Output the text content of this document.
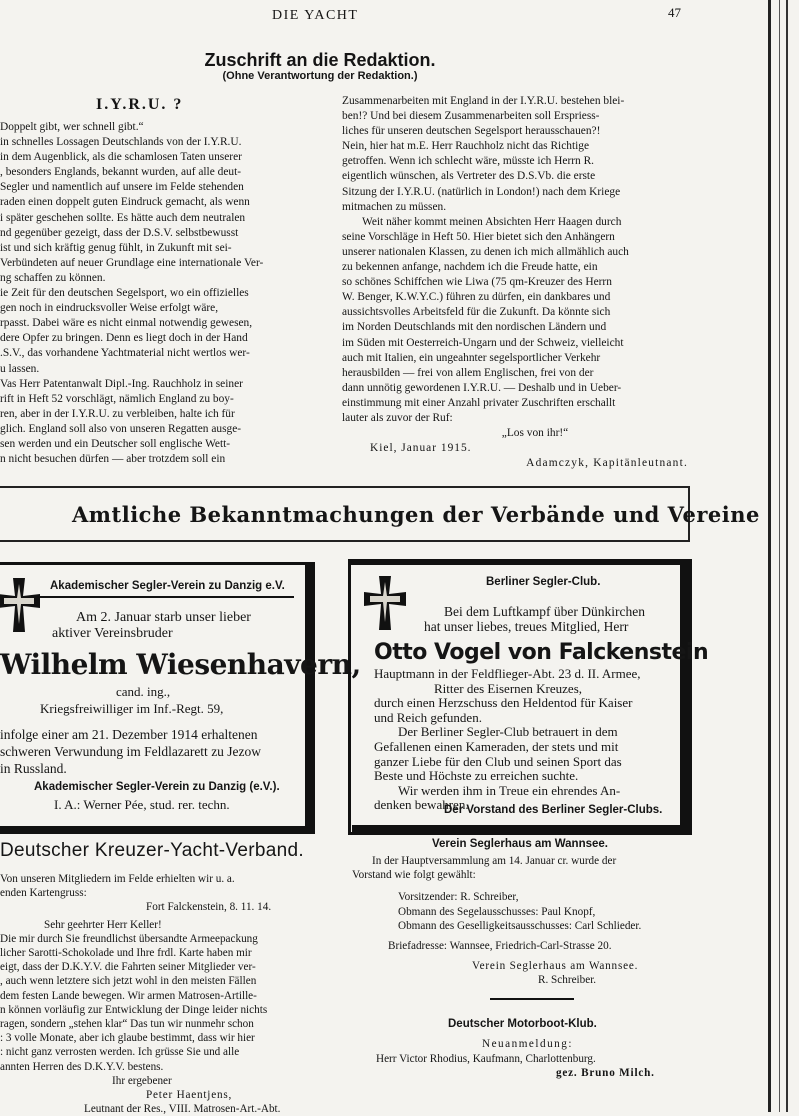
DIE YACHT	47
Zuschrift an die Redaktion.
(Ohne Verantwortung der Redaktion.)
I.Y.R.U. ?

Doppelt gibt, wer schnell gibt.“

in schnelles Lossagen Deutschlands von der I.Y.R.U.

in dem Augenblick, als die schamlosen Taten unserer

, besonders Englands, bekannt wurden, auf alle deut-

Segler und namentlich auf unsere im Felde stehenden

raden einen doppelt guten Eindruck gemacht, als wenn

i später geschehen sollte. Es hätte auch dem neutralen

nd gegenüber gezeigt, dass der D.S.V. selbstbewusst

ist und sich kräftig genug fühlt, in Zukunft mit sei-

Verbündeten auf neuer Grundlage eine internationale Ver-

ng schaffen zu können.

ie Zeit für den deutschen Segelsport, wo ein offizielles

gen noch in eindrucksvoller Weise erfolgt wäre,

rpasst. Dabei wäre es nicht einmal notwendig gewesen,

dere Opfer zu bringen. Denn es liegt doch in der Hand

.S.V., das vorhandene Yachtmaterial nicht wertlos wer-

u lassen.

Vas Herr Patentanwalt Dipl.-Ing. Rauchholz in seiner

rift in Heft 52 vorschlägt, nämlich England zu boy-

ren, aber in der I.Y.R.U. zu verbleiben, halte ich für

glich. England soll also von unseren Regatten ausge-

sen werden und ein Deutscher soll englische Wett-

n nicht besuchen dürfen — aber trotzdem soll ein

Zusammenarbeiten mit England in der I.Y.R.U. bestehen blei-

ben!? Und bei diesem Zusammenarbeiten soll Erspriess-

liches für unseren deutschen Segelsport herausschauen?!

Nein, hier hat m.E. Herr Rauchholz nicht das Richtige

getroffen. Wenn ich schlecht wäre, müsste ich Herrn R.

eigentlich wünschen, als Vertreter des D.S.Vb. die erste

Sitzung der I.Y.R.U. (natürlich in London!) nach dem Kriege

mitmachen zu müssen.

Weit näher kommt meinen Absichten Herr Haagen durch

seine Vorschläge in Heft 50. Hier bietet sich den Anhängern

unserer nationalen Klassen, zu denen ich mich allmählich auch

zu bekennen anfange, nachdem ich die Freude hatte, ein

so schönes Schiffchen wie Liwa (75 qm-Kreuzer des Herrn

W. Benger, K.W.Y.C.) führen zu dürfen, ein dankbares und

aussichtsvolles Arbeitsfeld für die Zukunft. Da könnte sich

im Norden Deutschlands mit den nordischen Ländern und

im Süden mit Oesterreich-Ungarn und der Schweiz, vielleicht

auch mit Italien, ein ungeahnter segelsportlicher Verkehr

herausbilden — frei von allem Englischen, frei von der

dann unnötig gewordenen I.Y.R.U. — Deshalb und in Ueber-

einstimmung mit einer Anzahl privater Zuschriften erschallt

lauter als zuvor der Ruf:

„Los von ihr!“

Kiel, Januar 1915.

Adamczyk, Kapitänleutnant.

Amtliche Bekanntmachungen der Verbände und Vereine
Akademischer Segler-Verein zu Danzig e.V.
Am 2. Januar starb unser lieber
aktiver Vereinsbruder
Wilhelm Wiesenhavern,
cand. ing.,
Kriegsfreiwilliger im Inf.-Regt. 59,
infolge einer am 21. Dezember 1914 erhaltenen
schweren Verwundung im Feldlazarett zu Jezow
in Russland.
Akademischer Segler-Verein zu Danzig (e.V.).
I. A.: Werner Pée, stud. rer. techn.
Berliner Segler-Club.
Bei dem Luftkampf über Dünkirchen
hat unser liebes, treues Mitglied, Herr
Otto Vogel von Falckenstein
Hauptmann in der Feldflieger-Abt. 23 d. II. Armee,
Ritter des Eisernen Kreuzes,
durch einen Herzschuss den Heldentod für Kaiser
und Reich gefunden.
Der Berliner Segler-Club betrauert in dem
Gefallenen einen Kameraden, der stets und mit
ganzer Liebe für den Club und seinen Sport das
Beste und Höchste zu erreichen suchte.
Wir werden ihm in Treue ein ehrendes An-
denken bewahren.
Der Vorstand des Berliner Segler-Clubs.
Deutscher Kreuzer-Yacht-Verband.
Von unseren Mitgliedern im Felde erhielten wir u. a.
enden Kartengruss:
Fort Falckenstein, 8. 11. 14.
Sehr geehrter Herr Keller!
Die mir durch Sie freundlichst übersandte Armeepackung
licher Sarotti-Schokolade und Ihre frdl. Karte haben mir
eigt, dass der D.K.Y.V. die Fahrten seiner Mitglieder ver-
, auch wenn letztere sich jetzt wohl in den meisten Fällen
dem festen Lande bewegen. Wir armen Matrosen-Artille-
n können vorläufig zur Entwicklung der Dinge leider nichts
ragen, sondern „stehen klar“ Das tun wir nunmehr schon
: 3 volle Monate, aber ich glaube bestimmt, dass wir hier
: nicht ganz verrosten werden. Ich grüsse Sie und alle
annten Herren des D.K.Y.V. bestens.
Ihr ergebener
Peter Haentjens,
Leutnant der Res., VIII. Matrosen-Art.-Abt.
Verein Seglerhaus am Wannsee.
In der Hauptversammlung am 14. Januar cr. wurde der
Vorstand wie folgt gewählt:
Vorsitzender: R. Schreiber,
Obmann des Segelausschusses: Paul Knopf,
Obmann des Geselligkeitsausschusses: Carl Schlieder.
Briefadresse: Wannsee, Friedrich-Carl-Strasse 20.
Verein Seglerhaus am Wannsee.
R. Schreiber.
Deutscher Motorboot-Klub.
Neuanmeldung:
Herr Victor Rhodius, Kaufmann, Charlottenburg.
gez. Bruno Milch.
